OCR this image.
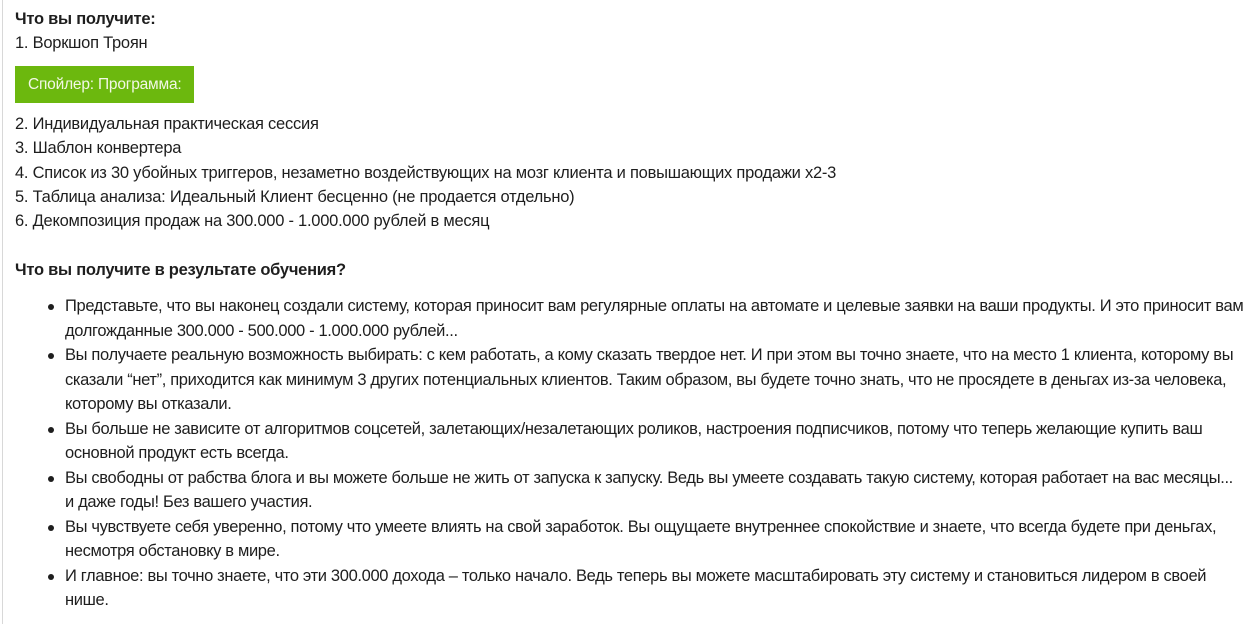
Что вы получите:
1. Воркшоп Троян
Спойлер: Программа:
2. Индивидуальная практическая сессия
3. Шаблон конвертера
4. Список из 30 убойных триггеров, незаметно воздействующих на мозг клиента и повышающих продажи x2-3
5. Таблица анализа: Идеальный Клиент бесценно (не продается отдельно)
6. Декомпозиция продаж на 300.000 - 1.000.000 рублей в месяц
Что вы получите в результате обучения?
Представьте, что вы наконец создали систему, которая приносит вам регулярные оплаты на автомате и целевые заявки на ваши продукты. И это приносит вам долгожданные 300.000 - 500.000 - 1.000.000 рублей...
Вы получаете реальную возможность выбирать: с кем работать, а кому сказать твердое нет. И при этом вы точно знаете, что на место 1 клиента, которому вы сказали “нет”, приходится как минимум 3 других потенциальных клиентов. Таким образом, вы будете точно знать, что не просядете в деньгах из-за человека, которому вы отказали.
Вы больше не зависите от алгоритмов соцсетей, залетающих/незалетающих роликов, настроения подписчиков, потому что теперь желающие купить ваш основной продукт есть всегда.
Вы свободны от рабства блога и вы можете больше не жить от запуска к запуску. Ведь вы умеете создавать такую систему, которая работает на вас месяцы... и даже годы! Без вашего участия.
Вы чувствуете себя уверенно, потому что умеете влиять на свой заработок. Вы ощущаете внутреннее спокойствие и знаете, что всегда будете при деньгах, несмотря обстановку в мире.
И главное: вы точно знаете, что эти 300.000 дохода – только начало. Ведь теперь вы можете масштабировать эту систему и становиться лидером в своей нише.
